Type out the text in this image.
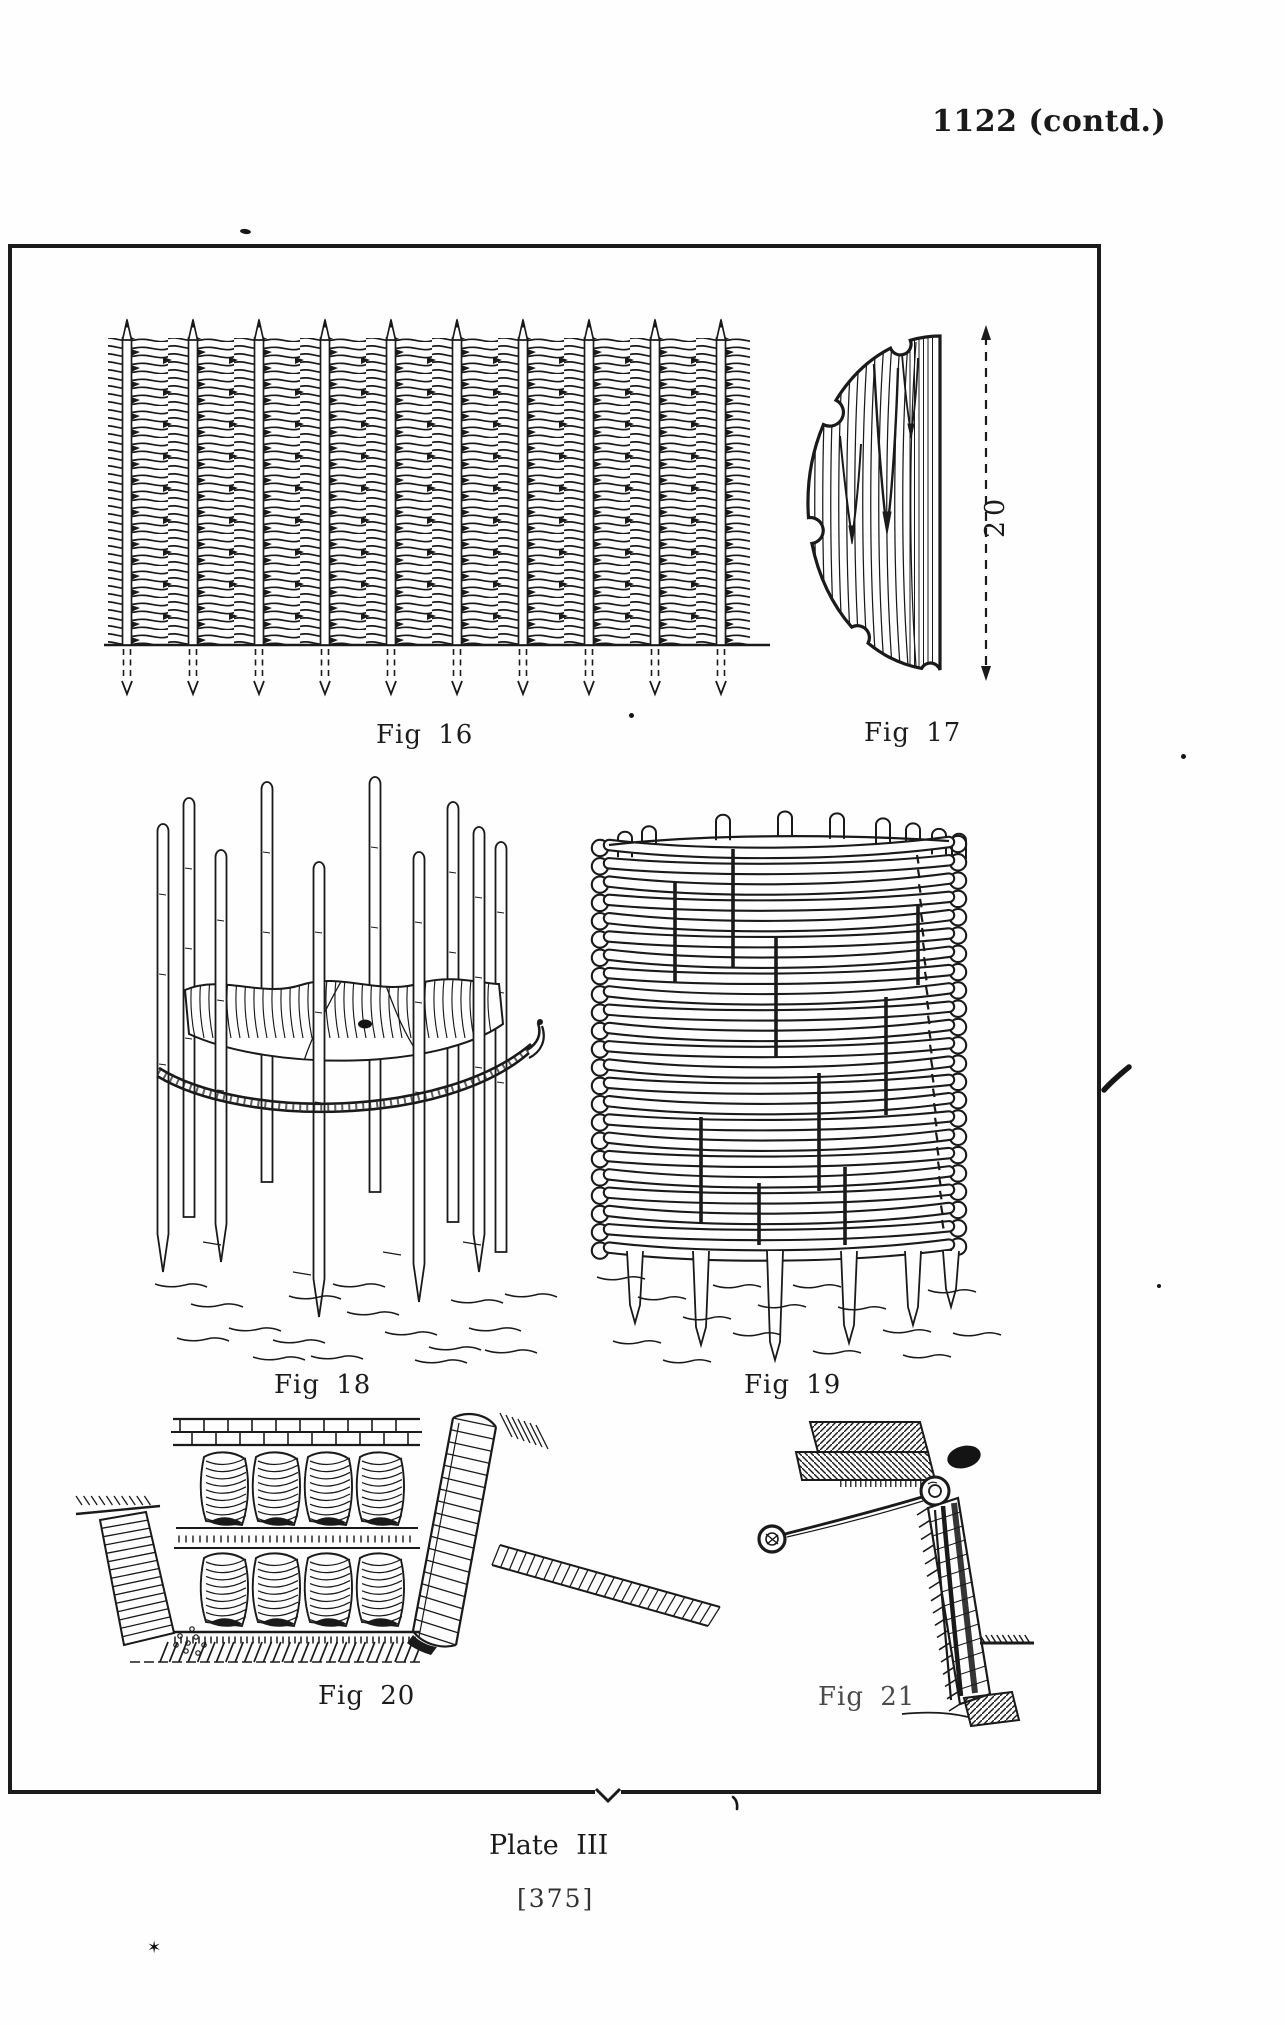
1122 (contd.)
20
Fig 16	Fig 17
Fig 18	Fig 19
Fig 20	Fig 21
Plate III
[375]
✶
